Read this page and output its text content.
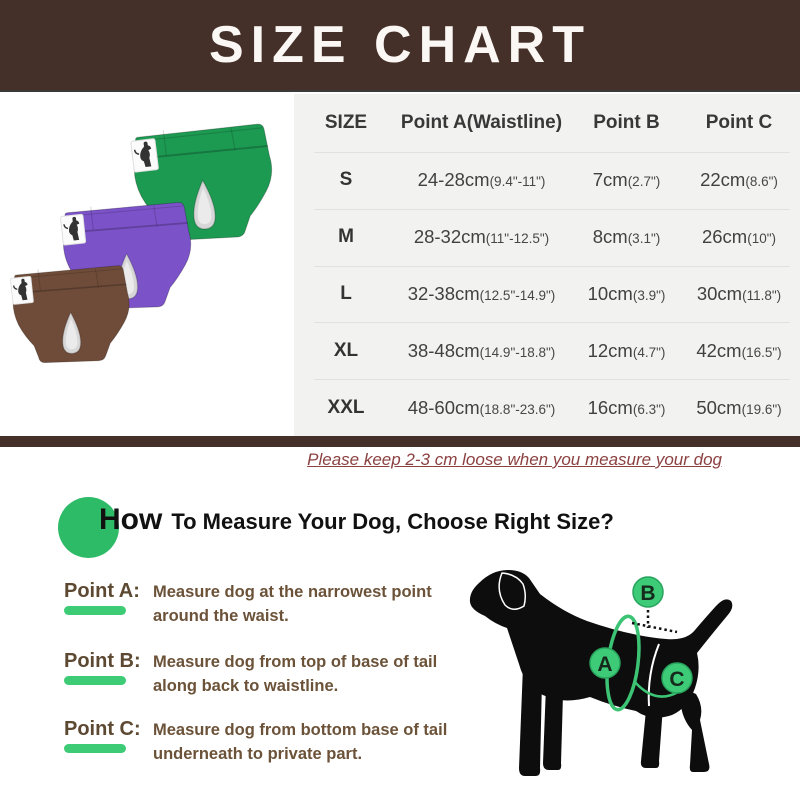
SIZE CHART
SIZE	Point A(Waistline)	Point B	Point C
S	24-28cm(9.4"-11")	7cm(2.7")	22cm(8.6")
M	28-32cm(11"-12.5")	8cm(3.1")	26cm(10")
L	32-38cm(12.5"-14.9")	10cm(3.9")	30cm(11.8")
XL	38-48cm(14.9"-18.8")	12cm(4.7")	42cm(16.5")
XXL	48-60cm(18.8"-23.6")	16cm(6.3")	50cm(19.6")
Please keep 2-3 cm loose when you measure your dog
How To Measure Your Dog, Choose Right Size?
Point A: Measure dog at the narrowest point
around the waist.
Point B: Measure dog from top of base of tail
along back to waistline.
Point C: Measure dog from bottom base of tail
underneath to private part.
A
B
C
